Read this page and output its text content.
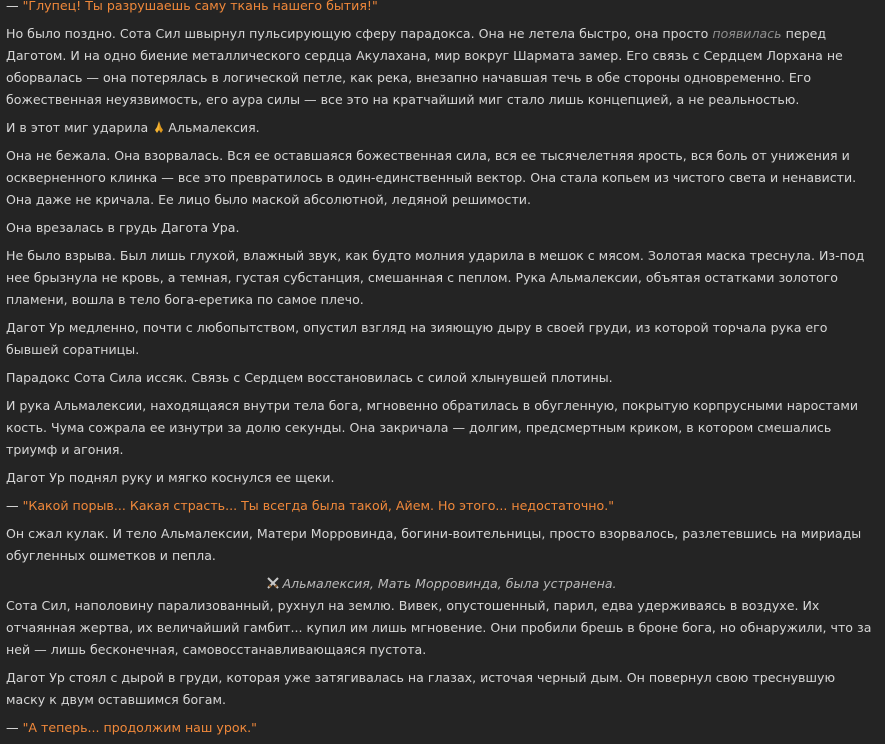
— "Глупец! Ты разрушаешь саму ткань нашего бытия!"

Но было поздно. Сота Сил швырнул пульсирующую сферу парадокса. Она не летела быстро, она просто появилась перед Даготом. И на одно биение металлического сердца Акулахана, мир вокруг Шармата замер. Его связь с Сердцем Лорхана не оборвалась — она потерялась в логической петле, как река, внезапно начавшая течь в обе стороны одновременно. Его божественная неуязвимость, его аура силы — все это на кратчайший миг стало лишь концепцией, а не реальностью.

И в этот миг ударила Альмалексия.

Она не бежала. Она взорвалась. Вся ее оставшаяся божественная сила, вся ее тысячелетняя ярость, вся боль от унижения и оскверненного клинка — все это превратилось в один-единственный вектор. Она стала копьем из чистого света и ненависти. Она даже не кричала. Ее лицо было маской абсолютной, ледяной решимости.

Она врезалась в грудь Дагота Ура.

Не было взрыва. Был лишь глухой, влажный звук, как будто молния ударила в мешок с мясом. Золотая маска треснула. Из-под нее брызнула не кровь, а темная, густая субстанция, смешанная с пеплом. Рука Альмалексии, объятая остатками золотого пламени, вошла в тело бога-еретика по самое плечо.

Дагот Ур медленно, почти с любопытством, опустил взгляд на зияющую дыру в своей груди, из которой торчала рука его бывшей соратницы.

Парадокс Сота Сила иссяк. Связь с Сердцем восстановилась с силой хлынувшей плотины.

И рука Альмалексии, находящаяся внутри тела бога, мгновенно обратилась в обугленную, покрытую корпрусными наростами кость. Чума сожрала ее изнутри за долю секунды. Она закричала — долгим, предсмертным криком, в котором смешались триумф и агония.

Дагот Ур поднял руку и мягко коснулся ее щеки.

— "Какой порыв... Какая страсть... Ты всегда была такой, Айем. Но этого... недостаточно."

Он сжал кулак. И тело Альмалексии, Матери Морровинда, богини-воительницы, просто взорвалось, разлетевшись на мириады обугленных ошметков и пепла.

Альмалексия, Мать Морровинда, была устранена.

Сота Сил, наполовину парализованный, рухнул на землю. Вивек, опустошенный, парил, едва удерживаясь в воздухе. Их отчаянная жертва, их величайший гамбит... купил им лишь мгновение. Они пробили брешь в броне бога, но обнаружили, что за ней — лишь бесконечная, самовосстанавливающаяся пустота.

Дагот Ур стоял с дырой в груди, которая уже затягивалась на глазах, источая черный дым. Он повернул свою треснувшую маску к двум оставшимся богам.

— "А теперь... продолжим наш урок."
